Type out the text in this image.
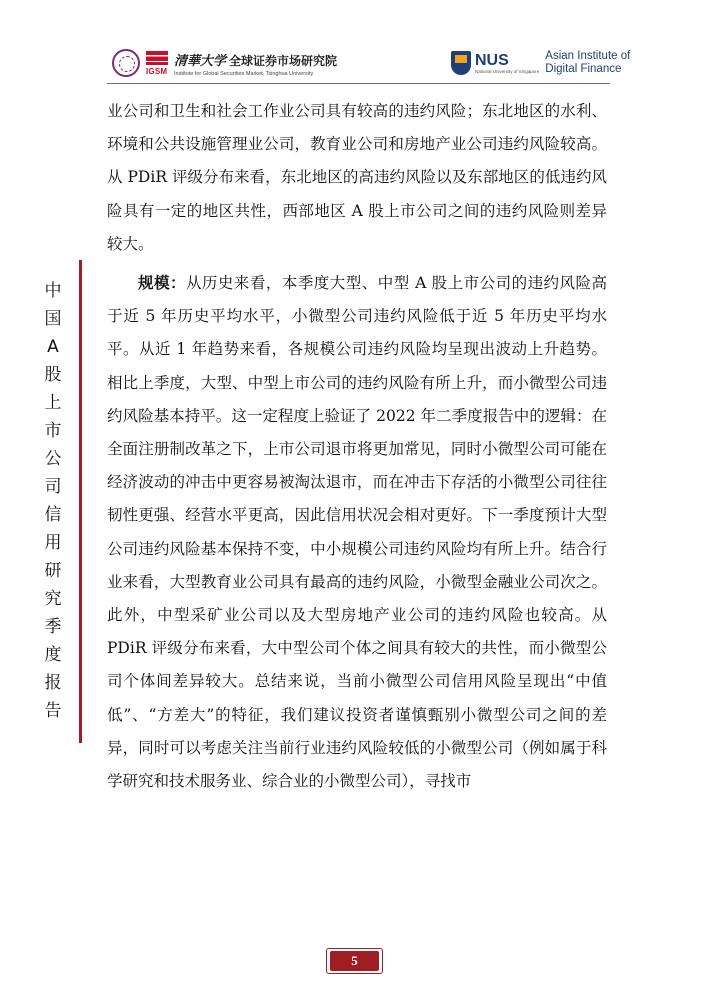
IGSM
清華大学 全球证券市场研究院
Institute for Global Securities Market, Tsinghua University
NUS
National University of Singapore
Asian Institute of
Digital Finance
中
国
A
股
上
市
公
司
信
用
研
究
季
度
报
告

业公司和卫生和社会工作业公司具有较高的违约风险；东北地区的水利、环境和公共设施管理业公司，教育业公司和房地产业公司违约风险较高。从 PDiR 评级分布来看，东北地区的高违约风险以及东部地区的低违约风险具有一定的地区共性，西部地区 A 股上市公司之间的违约风险则差异较大。

规模：从历史来看，本季度大型、中型 A 股上市公司的违约风险高于近 5 年历史平均水平，小微型公司违约风险低于近 5 年历史平均水平。从近 1 年趋势来看，各规模公司违约风险均呈现出波动上升趋势。相比上季度，大型、中型上市公司的违约风险有所上升，而小微型公司违约风险基本持平。这一定程度上验证了 2022 年二季度报告中的逻辑：在全面注册制改革之下，上市公司退市将更加常见，同时小微型公司可能在经济波动的冲击中更容易被淘汰退市，而在冲击下存活的小微型公司往往韧性更强、经营水平更高，因此信用状况会相对更好。下一季度预计大型公司违约风险基本保持不变，中小规模公司违约风险均有所上升。结合行业来看，大型教育业公司具有最高的违约风险，小微型金融业公司次之。此外，中型采矿业公司以及大型房地产业公司的违约风险也较高。从 PDiR 评级分布来看，大中型公司个体之间具有较大的共性，而小微型公司个体间差异较大。总结来说，当前小微型公司信用风险呈现出“中值低”、“方差大”的特征，我们建议投资者谨慎甄别小微型公司之间的差异，同时可以考虑关注当前行业违约风险较低的小微型公司（例如属于科学研究和技术服务业、综合业的小微型公司），寻找市

5
